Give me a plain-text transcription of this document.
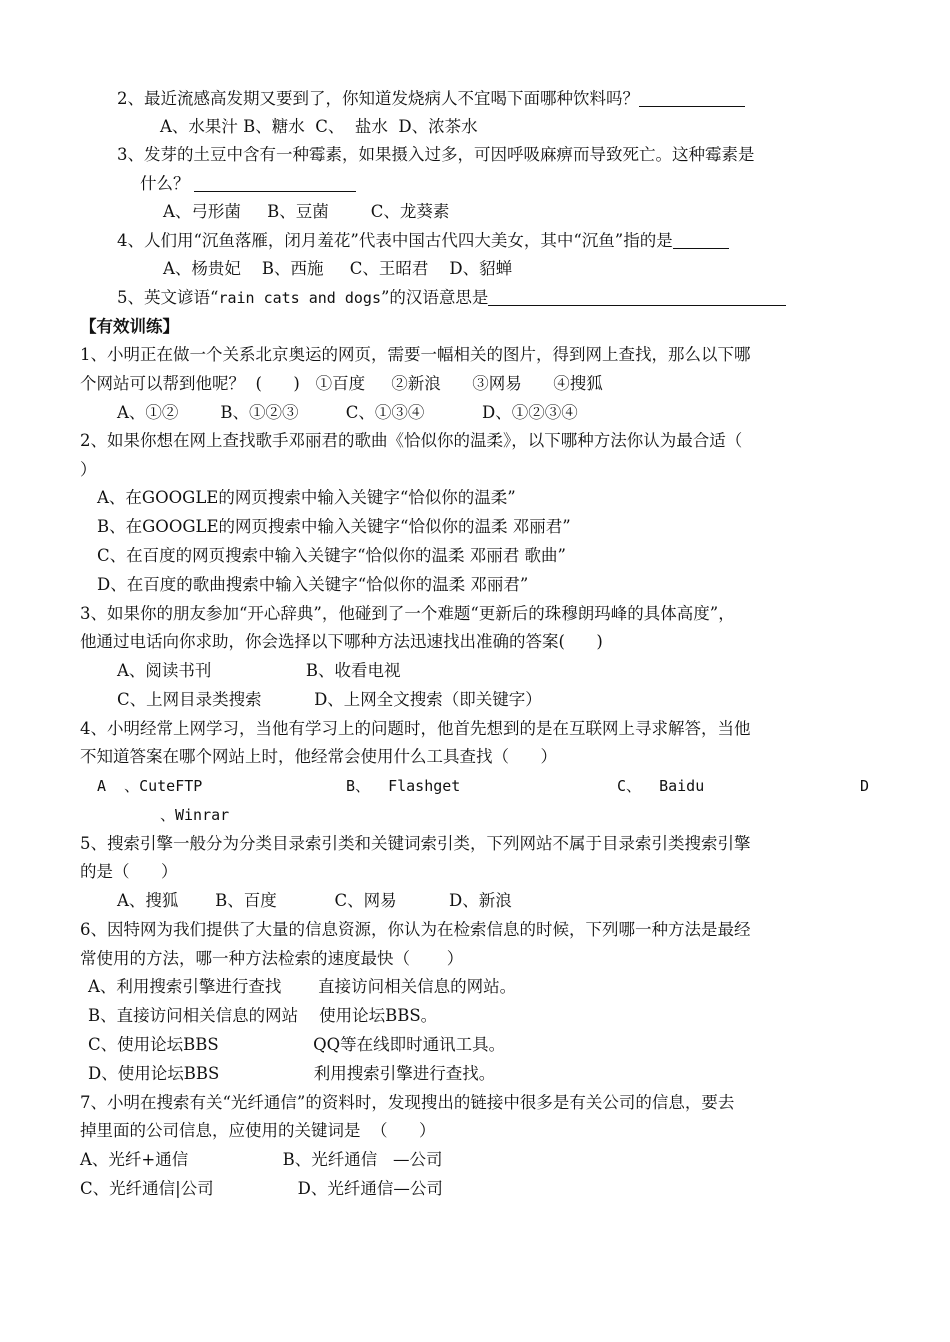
2、最近流感高发期又要到了，你知道发烧病人不宜喝下面哪种饮料吗？
A、水果汁 B、糖水  C、  盐水  D、浓茶水
3、发芽的土豆中含有一种霉素，如果摄入过多，可因呼吸麻痹而导致死亡。这种霉素是
什么？
A、弓形菌     B、豆菌        C、龙葵素
4、人们用“沉鱼落雁，闭月羞花”代表中国古代四大美女，其中“沉鱼”指的是
A、杨贵妃    B、西施     C、王昭君    D、貂蝉
5、英文谚语“rain cats and dogs”的汉语意思是
【有效训练】
1、小明正在做一个关系北京奥运的网页，需要一幅相关的图片，得到网上查找，那么以下哪
个网站可以帮到他呢？  (      )   ①百度     ②新浪      ③网易      ④搜狐
A、①②        B、①②③         C、①③④           D、①②③④
2、如果你想在网上查找歌手邓丽君的歌曲《恰似你的温柔》，以下哪种方法你认为最合适（
）
A、在GOOGLE的网页搜索中输入关键字“恰似你的温柔”
B、在GOOGLE的网页搜索中输入关键字“恰似你的温柔 邓丽君”
C、在百度的网页搜索中输入关键字“恰似你的温柔 邓丽君 歌曲”
D、在百度的歌曲搜索中输入关键字“恰似你的温柔 邓丽君”
3、如果你的朋友参加“开心辞典”，他碰到了一个难题“更新后的珠穆朗玛峰的具体高度”，
他通过电话向你求助，你会选择以下哪种方法迅速找出准确的答案(      )
A、阅读书刊                  B、收看电视
C、上网目录类搜索          D、上网全文搜索（即关键字）
4、小明经常上网学习，当他有学习上的问题时，他首先想到的是在互联网上寻求解答，当他
不知道答案在哪个网站上时，他经常会使用什么工具查找（      ）
A  、CuteFTP	B、  Flashget	C、  Baidu	D
、Winrar
5、搜索引擎一般分为分类目录索引类和关键词索引类，下列网站不属于目录索引类搜索引擎
的是（      ）
A、搜狐       B、百度           C、网易          D、新浪
6、因特网为我们提供了大量的信息资源，你认为在检索信息的时候，下列哪一种方法是最经
常使用的方法，哪一种方法检索的速度最快（       ）
A、利用搜索引擎进行查找       直接访问相关信息的网站。
B、直接访问相关信息的网站    使用论坛BBS。
C、使用论坛BBS                  QQ等在线即时通讯工具。
D、使用论坛BBS                  利用搜索引擎进行查找。
7、小明在搜索有关“光纤通信”的资料时，发现搜出的链接中很多是有关公司的信息，要去
掉里面的公司信息，应使用的关键词是  （      ）
A、光纤+通信                  B、光纤通信   —公司
C、光纤通信|公司                D、光纤通信—公司
